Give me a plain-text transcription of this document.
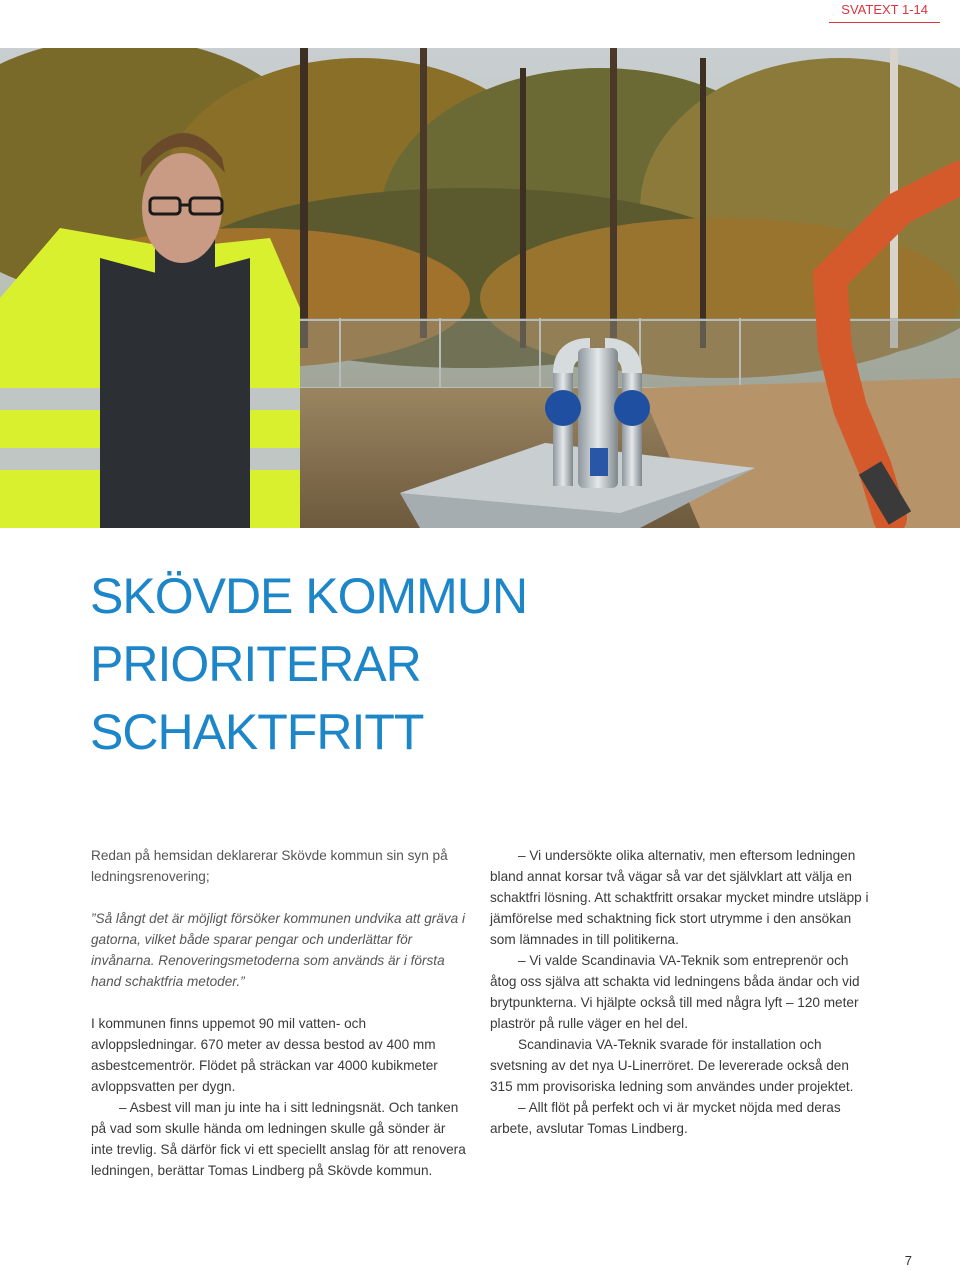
SVATEXT 1-14
SKÖVDE KOMMUN
PRIORITERAR
SCHAKTFRITT

Redan på hemsidan deklarerar Skövde kommun sin syn på ledningsrenovering;

”Så långt det är möjligt försöker kommunen undvika att gräva i gatorna, vilket både sparar pengar och underlättar för invånarna. Renoveringsmetoderna som används är i första hand schaktfria metoder.”

I kommunen finns uppemot 90 mil vatten- och avloppsledningar. 670 meter av dessa bestod av 400 mm asbestcementrör. Flödet på sträckan var 4000 kubikmeter avloppsvatten per dygn.

– Asbest vill man ju inte ha i sitt ledningsnät. Och tanken på vad som skulle hända om ledningen skulle gå sönder är inte trevlig. Så därför fick vi ett speciellt anslag för att renovera ledningen, berättar Tomas Lindberg på Skövde kommun.

– Vi undersökte olika alternativ, men eftersom ledningen bland annat korsar två vägar så var det självklart att välja en schaktfri lösning. Att schaktfritt orsakar mycket mindre utsläpp i jämförelse med schaktning fick stort utrymme i den ansökan som lämnades in till politikerna.

– Vi valde Scandinavia VA-Teknik som entreprenör och åtog oss själva att schakta vid ledningens båda ändar och vid brytpunkterna. Vi hjälpte också till med några lyft – 120 meter plaströr på rulle väger en hel del.

Scandinavia VA-Teknik svarade för installation och svetsning av det nya U-Linerröret. De levererade också den 315 mm provisoriska ledning som användes under projektet.

– Allt flöt på perfekt och vi är mycket nöjda med deras arbete, avslutar Tomas Lindberg.

7
